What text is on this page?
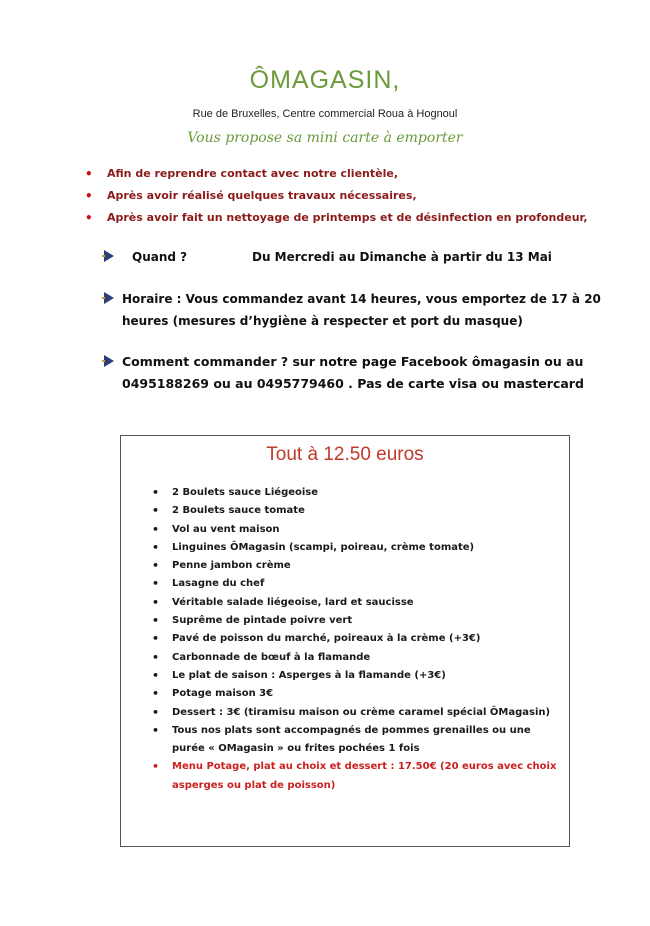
ÔMAGASIN,
Rue de Bruxelles, Centre commercial Roua à Hognoul
Vous propose sa mini carte à emporter
• Afin de reprendre contact avec notre clientèle,
• Après avoir réalisé quelques travaux nécessaires,
• Après avoir fait un nettoyage de printemps et de désinfection en profondeur,
Quand ?	Du Mercredi au Dimanche à partir du 13 Mai
Horaire : Vous commandez avant 14 heures, vous emportez de 17 à 20 heures (mesures d’hygiène à respecter et port du masque)
Comment commander ? sur notre page Facebook ômagasin ou au 0495188269 ou au 0495779460 . Pas de carte visa ou mastercard
Tout à 12.50 euros
• 2 Boulets sauce Liégeoise
• 2 Boulets sauce tomate
• Vol au vent maison
• Linguines ÔMagasin (scampi, poireau, crème tomate)
• Penne jambon crème
• Lasagne du chef
• Véritable salade liégeoise, lard et saucisse
• Suprême de pintade poivre vert
• Pavé de poisson du marché, poireaux à la crème (+3€)
• Carbonnade de bœuf à la flamande
• Le plat de saison : Asperges à la flamande (+3€)
• Potage maison 3€
• Dessert : 3€ (tiramisu maison ou crème caramel spécial ÔMagasin)
• Tous nos plats sont accompagnés de pommes grenailles ou une purée « OMagasin » ou frites pochées 1 fois
• Menu Potage, plat au choix et dessert : 17.50€ (20 euros avec choix asperges ou plat de poisson)
